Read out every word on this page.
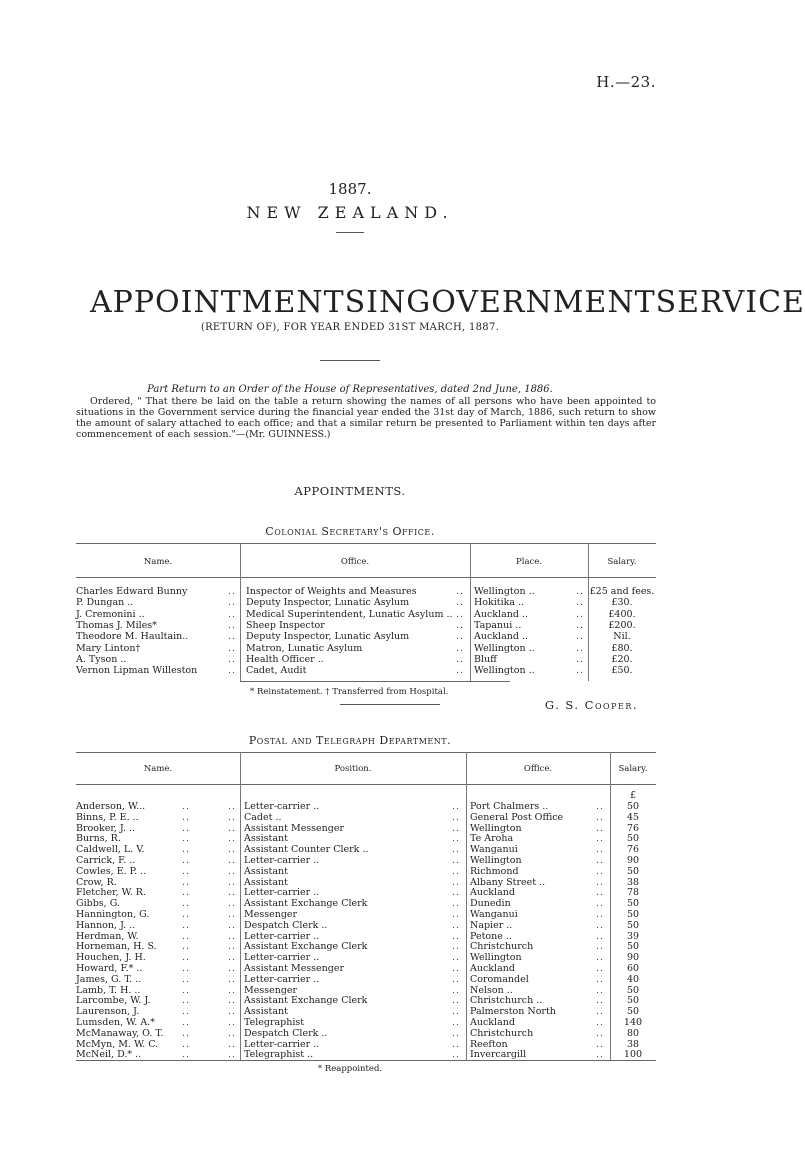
H.—23.
1887.
NEW ZEALAND.
APPOINTMENTS IN GOVERNMENT SERVICE
(RETURN OF), FOR YEAR ENDED 31ST MARCH, 1887.
Part Return to an Order of the House of Representatives, dated 2nd June, 1886.
Ordered, " That there be laid on the table a return showing the names of all persons who have been appointed to situations in the Government service during the financial year ended the 31st day of March, 1886, such return to show the amount of salary attached to each office; and that a similar return be presented to Parliament within ten days after commencement of each session."—(Mr. GUINNESS.)
APPOINTMENTS.
Colonial Secretary's Office.
Name.	Office.	Place.	Salary.
Charles Edward Bunny	.. Inspector of Weights and Measures	.. Wellington ..	.. £25 and fees.
P. Dungan ..	.. Deputy Inspector, Lunatic Asylum	.. Hokitika ..	..	£30.
J. Cremonini ..	.. Medical Superintendent, Lunatic Asylum .. .. Auckland ..	..	£400.
Thomas J. Miles*	.. Sheep Inspector	.. Tapanui ..	..	£200.
Theodore M. Haultain..	.. Deputy Inspector, Lunatic Asylum	.. Auckland ..	..	Nil.
Mary Linton†	.. Matron, Lunatic Asylum	.. Wellington ..	..	£80.
A. Tyson ..	.. Health Officer ..	.. Bluff	..	£20.
Vernon Lipman Willeston	.. Cadet, Audit	.. Wellington ..	..	£50.
* Reinstatement. † Transferred from Hospital.
G. S. Cooper.
Postal and Telegraph Department.
Name.	Position.	Office.	Salary.
£
Anderson, W...	..	.. Letter-carrier ..	.. Port Chalmers ..	..	50
Binns, P. E. ..	..	.. Cadet ..	.. General Post Office	..	45
Brooker, J. ..	..	.. Assistant Messenger	.. Wellington	..	76
Burns, R.	..	.. Assistant	.. Te Aroha	..	50
Caldwell, L. V.	..	.. Assistant Counter Clerk ..	.. Wanganui	..	76
Carrick, F. ..	..	.. Letter-carrier ..	.. Wellington	..	90
Cowles, E. P. ..	..	.. Assistant	.. Richmond	..	50
Crow, R.	..	.. Assistant	.. Albany Street ..	..	38
Fletcher, W. R.	..	.. Letter-carrier ..	.. Auckland	..	78
Gibbs, G.	..	.. Assistant Exchange Clerk	.. Dunedin	..	50
Hannington, G.	..	.. Messenger	.. Wanganui	..	50
Hannon, J. ..	..	.. Despatch Clerk ..	.. Napier ..	..	50
Herdman, W.	..	.. Letter-carrier ..	.. Petone ..	..	39
Horneman, H. S.	..	.. Assistant Exchange Clerk	.. Christchurch	..	50
Houchen, J. H.	..	.. Letter-carrier ..	.. Wellington	..	90
Howard, F.* ..	..	.. Assistant Messenger	.. Auckland	..	60
James, G. T. ..	..	.. Letter-carrier ..	.. Coromandel	..	40
Lamb, T. H. ..	..	.. Messenger	.. Nelson ..	..	50
Larcombe, W. J.	..	.. Assistant Exchange Clerk	.. Christchurch ..	..	50
Laurenson, J.	..	.. Assistant	.. Palmerston North	..	50
Lumsden, W. A.*	..	.. Telegraphist	.. Auckland	..	140
McManaway, O. T. ..	.. Despatch Clerk ..	.. Christchurch	..	80
McMyn, M. W. C.	..	.. Letter-carrier ..	.. Reefton	..	38
McNeil, D.* ..	..	.. Telegraphist ..	.. Invercargill	..	100
* Reappointed.
